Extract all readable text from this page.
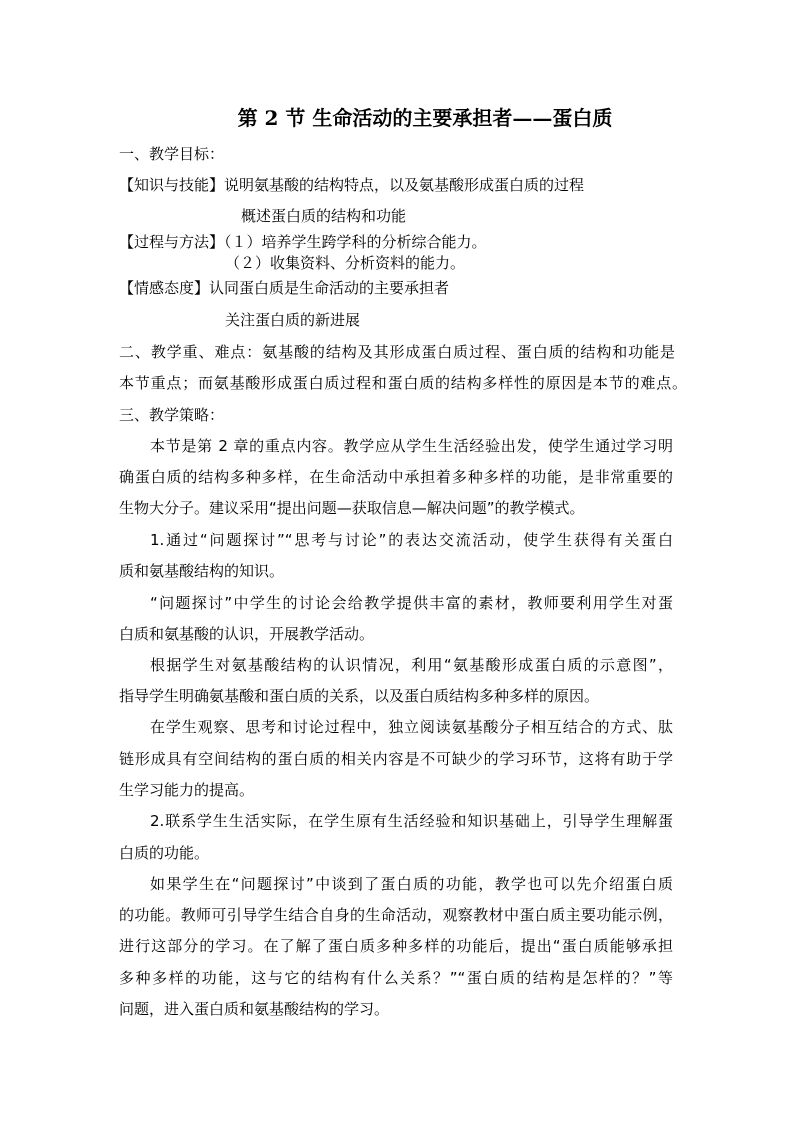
第 2 节 生命活动的主要承担者——蛋白质
一、教学目标：
【知识与技能】说明氨基酸的结构特点，以及氨基酸形成蛋白质的过程
概述蛋白质的结构和功能
【过程与方法】（１）培养学生跨学科的分析综合能力。
（２）收集资料、分析资料的能力。
【情感态度】认同蛋白质是生命活动的主要承担者
关注蛋白质的新进展
二、教学重、难点：氨基酸的结构及其形成蛋白质过程、蛋白质的结构和功能是
本节重点；而氨基酸形成蛋白质过程和蛋白质的结构多样性的原因是本节的难点。
三、教学策略：
本节是第 2 章的重点内容。教学应从学生生活经验出发，使学生通过学习明
确蛋白质的结构多种多样，在生命活动中承担着多种多样的功能，是非常重要的
生物大分子。建议采用“提出问题—获取信息—解决问题”的教学模式。
1.通过“问题探讨”“思考与讨论”的表达交流活动，使学生获得有关蛋白
质和氨基酸结构的知识。
“问题探讨”中学生的讨论会给教学提供丰富的素材，教师要利用学生对蛋
白质和氨基酸的认识，开展教学活动。
根据学生对氨基酸结构的认识情况，利用“氨基酸形成蛋白质的示意图”，
指导学生明确氨基酸和蛋白质的关系，以及蛋白质结构多种多样的原因。
在学生观察、思考和讨论过程中，独立阅读氨基酸分子相互结合的方式、肽
链形成具有空间结构的蛋白质的相关内容是不可缺少的学习环节，这将有助于学
生学习能力的提高。
2.联系学生生活实际，在学生原有生活经验和知识基础上，引导学生理解蛋
白质的功能。
如果学生在“问题探讨”中谈到了蛋白质的功能，教学也可以先介绍蛋白质
的功能。教师可引导学生结合自身的生命活动，观察教材中蛋白质主要功能示例，
进行这部分的学习。在了解了蛋白质多种多样的功能后，提出“蛋白质能够承担
多种多样的功能，这与它的结构有什么关系？”“蛋白质的结构是怎样的？”等
问题，进入蛋白质和氨基酸结构的学习。
